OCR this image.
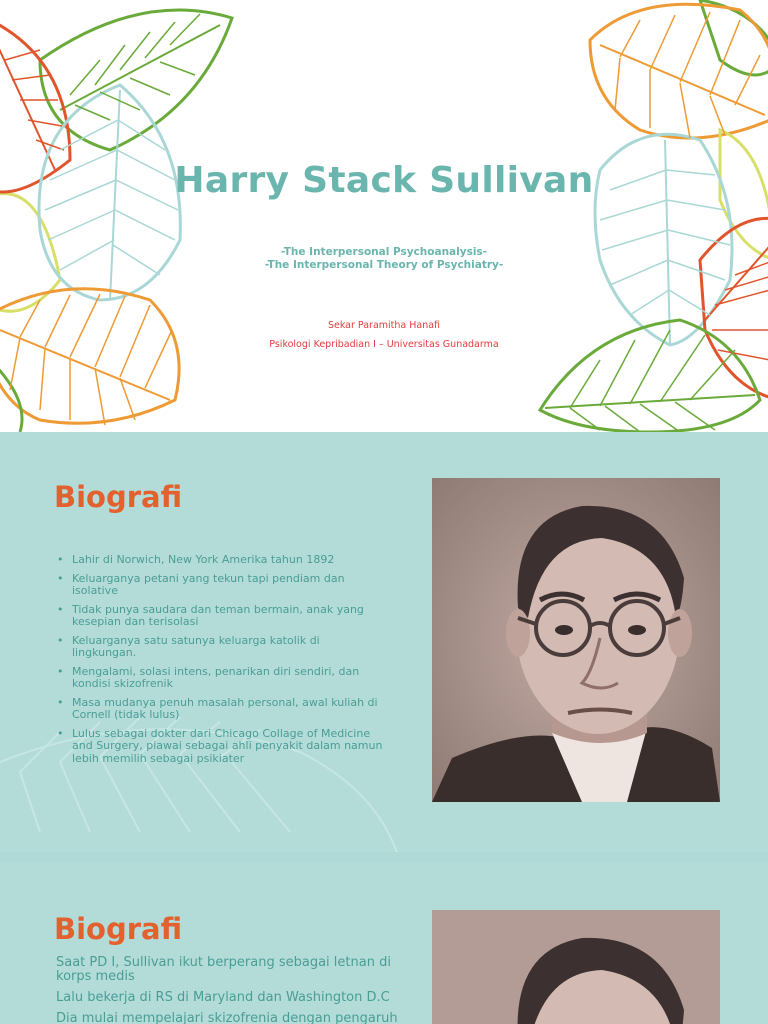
Harry Stack Sullivan
-The Interpersonal Psychoanalysis-
-The Interpersonal Theory of Psychiatry-
Sekar Paramitha Hanafi
Psikologi Kepribadian I – Universitas Gunadarma
Biografi
• Lahir di Norwich, New York Amerika tahun 1892
• Keluarganya petani yang tekun tapi pendiam dan isolative
• Tidak punya saudara dan teman bermain, anak yang kesepian dan terisolasi
• Keluarganya satu satunya keluarga katolik di lingkungan.
• Mengalami, solasi intens, penarikan diri sendiri, dan kondisi skizofrenik
• Masa mudanya penuh masalah personal, awal kuliah di Cornell (tidak lulus)
• Lulus sebagai dokter dari Chicago Collage of Medicine and Surgery, piawai sebagai ahli penyakit dalam namun lebih memilih sebagai psikiater
Biografi
Saat PD I, Sullivan ikut berperang sebagai letnan di korps medis
Lalu bekerja di RS di Maryland dan Washington D.C
Dia mulai mempelajari skizofrenia dengan pengaruh
